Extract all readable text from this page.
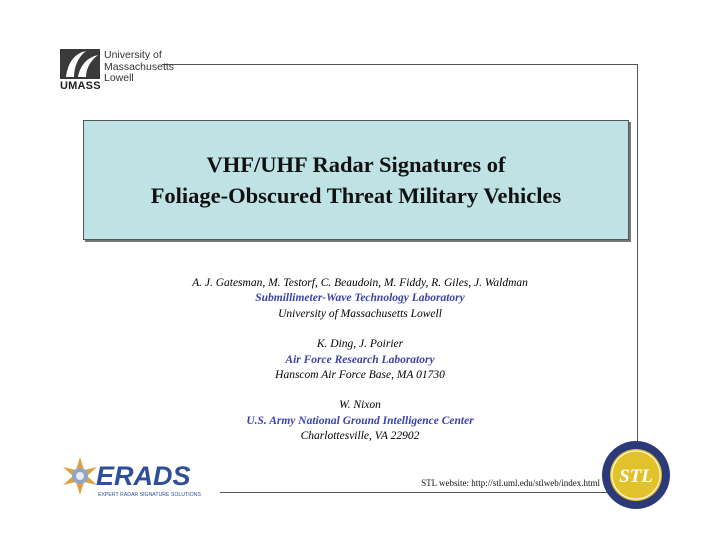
University of
Massachusetts
Lowell
UMASS
VHF/UHF Radar Signatures of
Foliage-Obscured Threat Military Vehicles
A. J. Gatesman, M. Testorf, C. Beaudoin, M. Fiddy, R. Giles, J. Waldman
Submillimeter-Wave Technology Laboratory
University of Massachusetts Lowell
K. Ding, J. Poirier
Air Force Research Laboratory
Hanscom Air Force Base, MA 01730
W. Nixon
U.S. Army National Ground Intelligence Center
Charlottesville, VA 22902
ERADS
EXPERT RADAR SIGNATURE SOLUTIONS
STL
STL website: http://stl.uml.edu/stlweb/index.html
